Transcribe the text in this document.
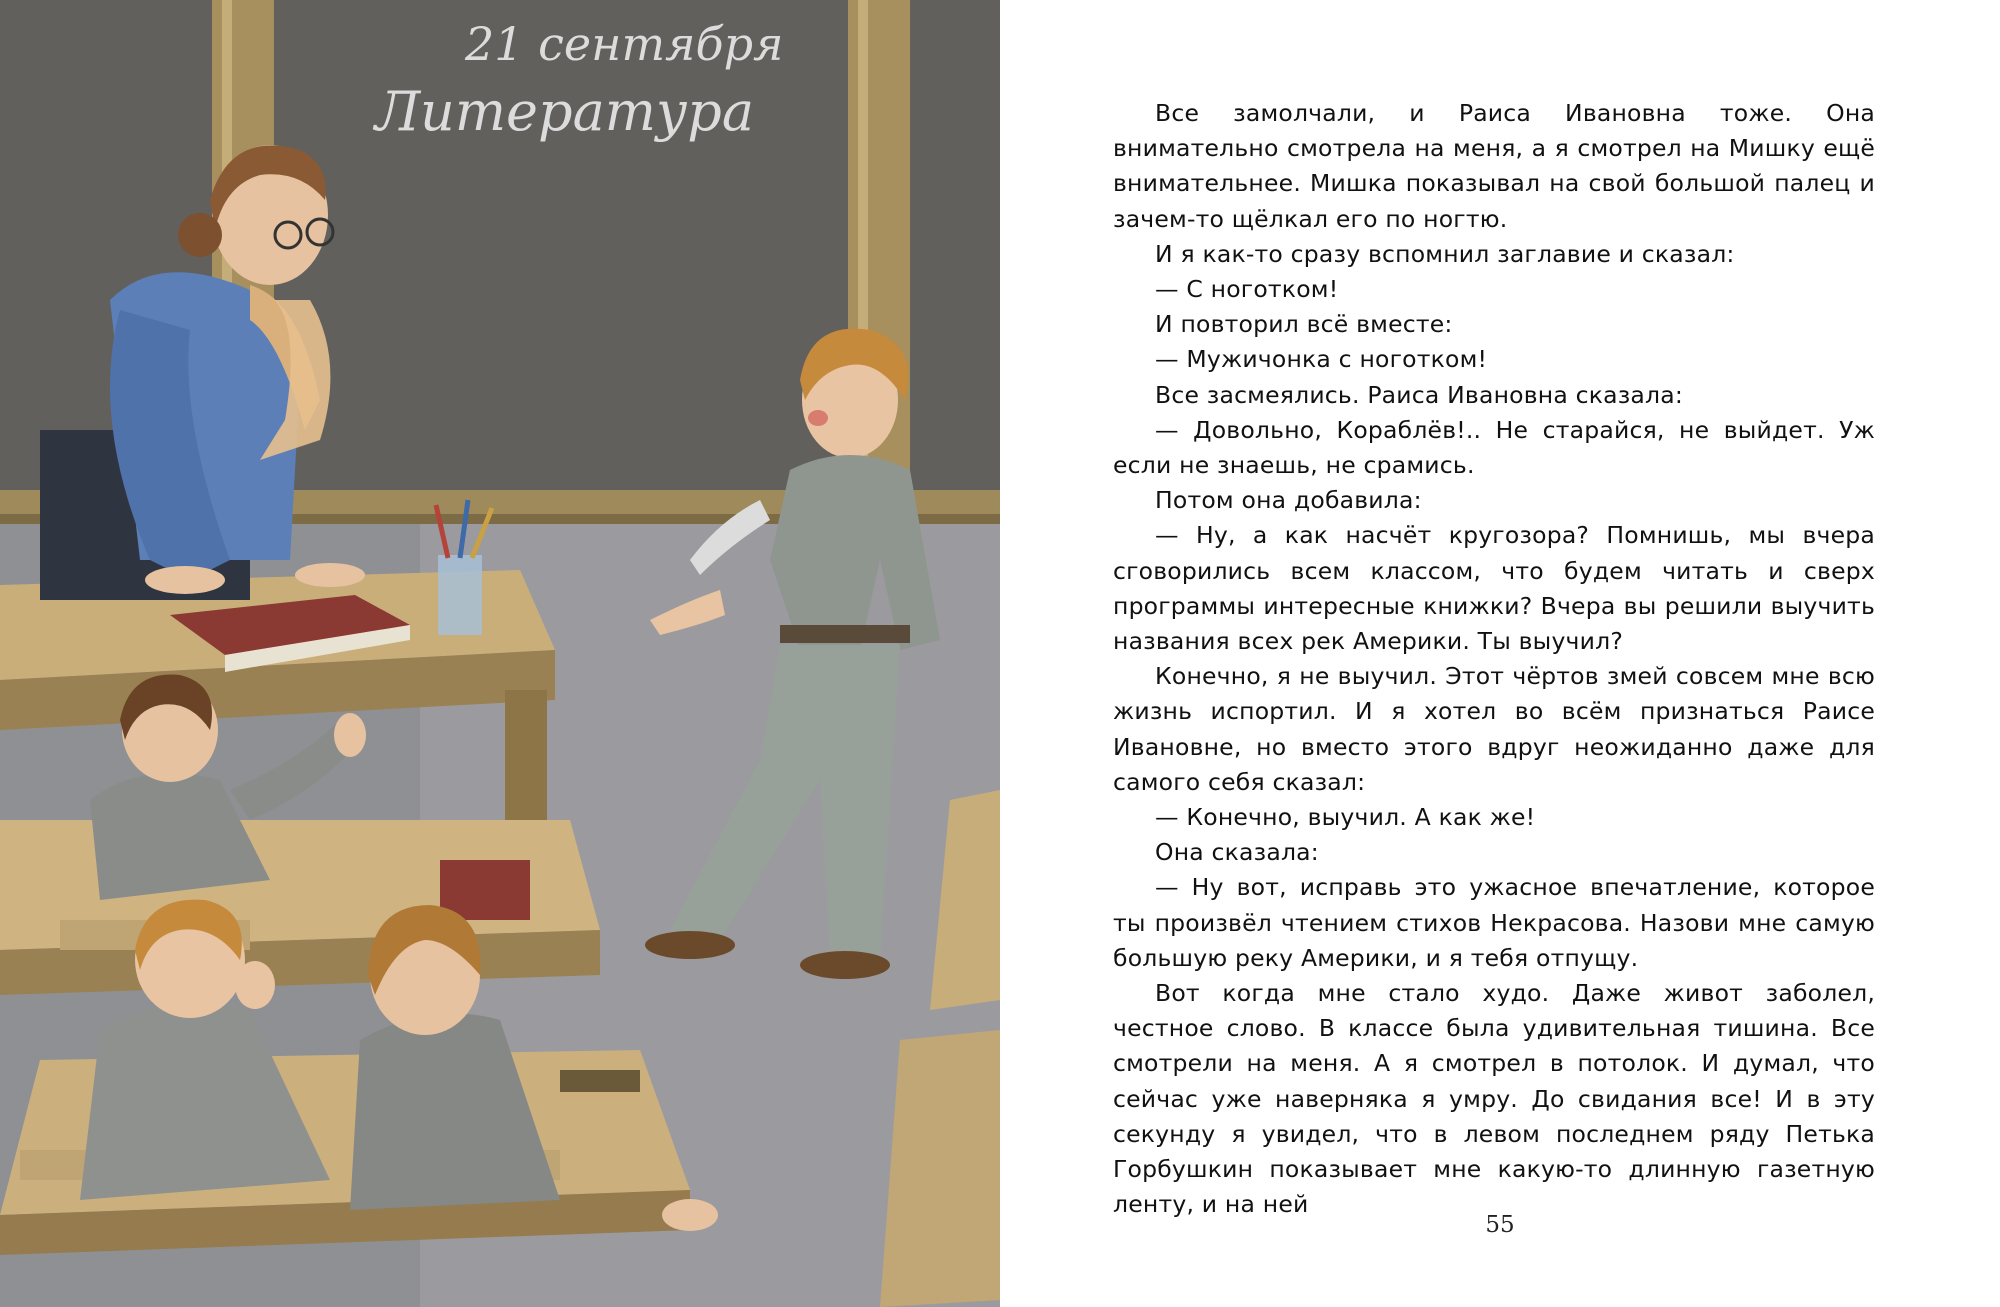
21 сентября
Литература	Все замолчали, и Раиса Ивановна тоже. Она внимательно смотрела на меня, а я смотрел на Мишку ещё внимательнее. Мишка показывал на свой большой палец и зачем-то щёлкал его по ногтю.

И я как-то сразу вспомнил заглавие и сказал:

— С ноготком!

И повторил всё вместе:

— Мужичонка с ноготком!

Все засмеялись. Раиса Ивановна сказала:

— Довольно, Кораблёв!.. Не старайся, не выйдет. Уж если не знаешь, не срамись.

Потом она добавила:

— Ну, а как насчёт кругозора? Помнишь, мы вчера сговорились всем классом, что будем читать и сверх программы интересные книжки? Вчера вы решили выучить названия всех рек Америки. Ты выучил?

Конечно, я не выучил. Этот чёртов змей совсем мне всю жизнь испортил. И я хотел во всём признаться Раисе Ивановне, но вместо этого вдруг неожиданно даже для самого себя сказал:

— Конечно, выучил. А как же!

Она сказала:

— Ну вот, исправь это ужасное впечатление, которое ты произвёл чтением стихов Некрасова. Назови мне самую большую реку Америки, и я тебя отпущу.

Вот когда мне стало худо. Даже живот заболел, честное слово. В классе была удивительная тишина. Все смотрели на меня. А я смотрел в потолок. И думал, что сейчас уже наверняка я умру. До свидания все! И в эту секунду я увидел, что в левом последнем ряду Петька Горбушкин показывает мне какую-то длинную газетную ленту, и на ней

55
